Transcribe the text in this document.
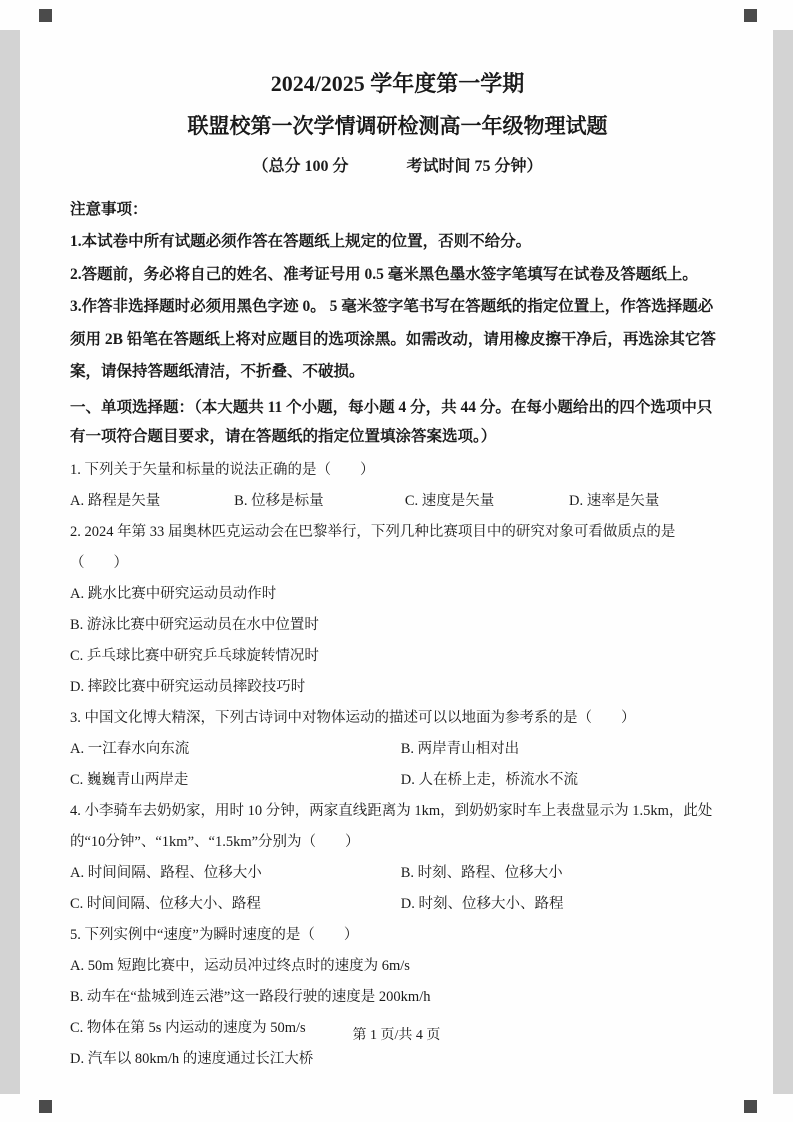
2024/2025 学年度第一学期
联盟校第一次学情调研检测高一年级物理试题
（总分 100 分	考试时间 75 分钟）
注意事项：
1.本试卷中所有试题必须作答在答题纸上规定的位置，否则不给分。
2.答题前，务必将自己的姓名、准考证号用 0.5 毫米黑色墨水签字笔填写在试卷及答题纸上。
3.作答非选择题时必须用黑色字迹 0。 5 毫米签字笔书写在答题纸的指定位置上，作答选择题必须用 2B 铅笔在答题纸上将对应题目的选项涂黑。如需改动，请用橡皮擦干净后，再选涂其它答案，请保持答题纸清洁，不折叠、不破损。
一、单项选择题：（本大题共 11 个小题，每小题 4 分，共 44 分。在每小题给出的四个选项中只有一项符合题目要求，请在答题纸的指定位置填涂答案选项。）
1. 下列关于矢量和标量的说法正确的是（　　）
A. 路程是矢量	B. 位移是标量	C. 速度是矢量	D. 速率是矢量
2. 2024 年第 33 届奥林匹克运动会在巴黎举行，下列几种比赛项目中的研究对象可看做质点的是（　　）
A. 跳水比赛中研究运动员动作时
B. 游泳比赛中研究运动员在水中位置时
C. 乒乓球比赛中研究乒乓球旋转情况时
D. 摔跤比赛中研究运动员摔跤技巧时
3. 中国文化博大精深，下列古诗词中对物体运动的描述可以以地面为参考系的是（　　）
A. 一江春水向东流	B. 两岸青山相对出
C. 巍巍青山两岸走	D. 人在桥上走，桥流水不流
4. 小李骑车去奶奶家，用时 10 分钟，两家直线距离为 1km，到奶奶家时车上表盘显示为 1.5km，此处的“10分钟”、“1km”、“1.5km”分别为（　　）
A. 时间间隔、路程、位移大小	B. 时刻、路程、位移大小
C. 时间间隔、位移大小、路程	D. 时刻、位移大小、路程
5. 下列实例中“速度”为瞬时速度的是（　　）
A. 50m 短跑比赛中，运动员冲过终点时的速度为 6m/s
B. 动车在“盐城到连云港”这一路段行驶的速度是 200km/h
C. 物体在第 5s 内运动的速度为 50m/s
D. 汽车以 80km/h 的速度通过长江大桥
第 1 页/共 4 页
